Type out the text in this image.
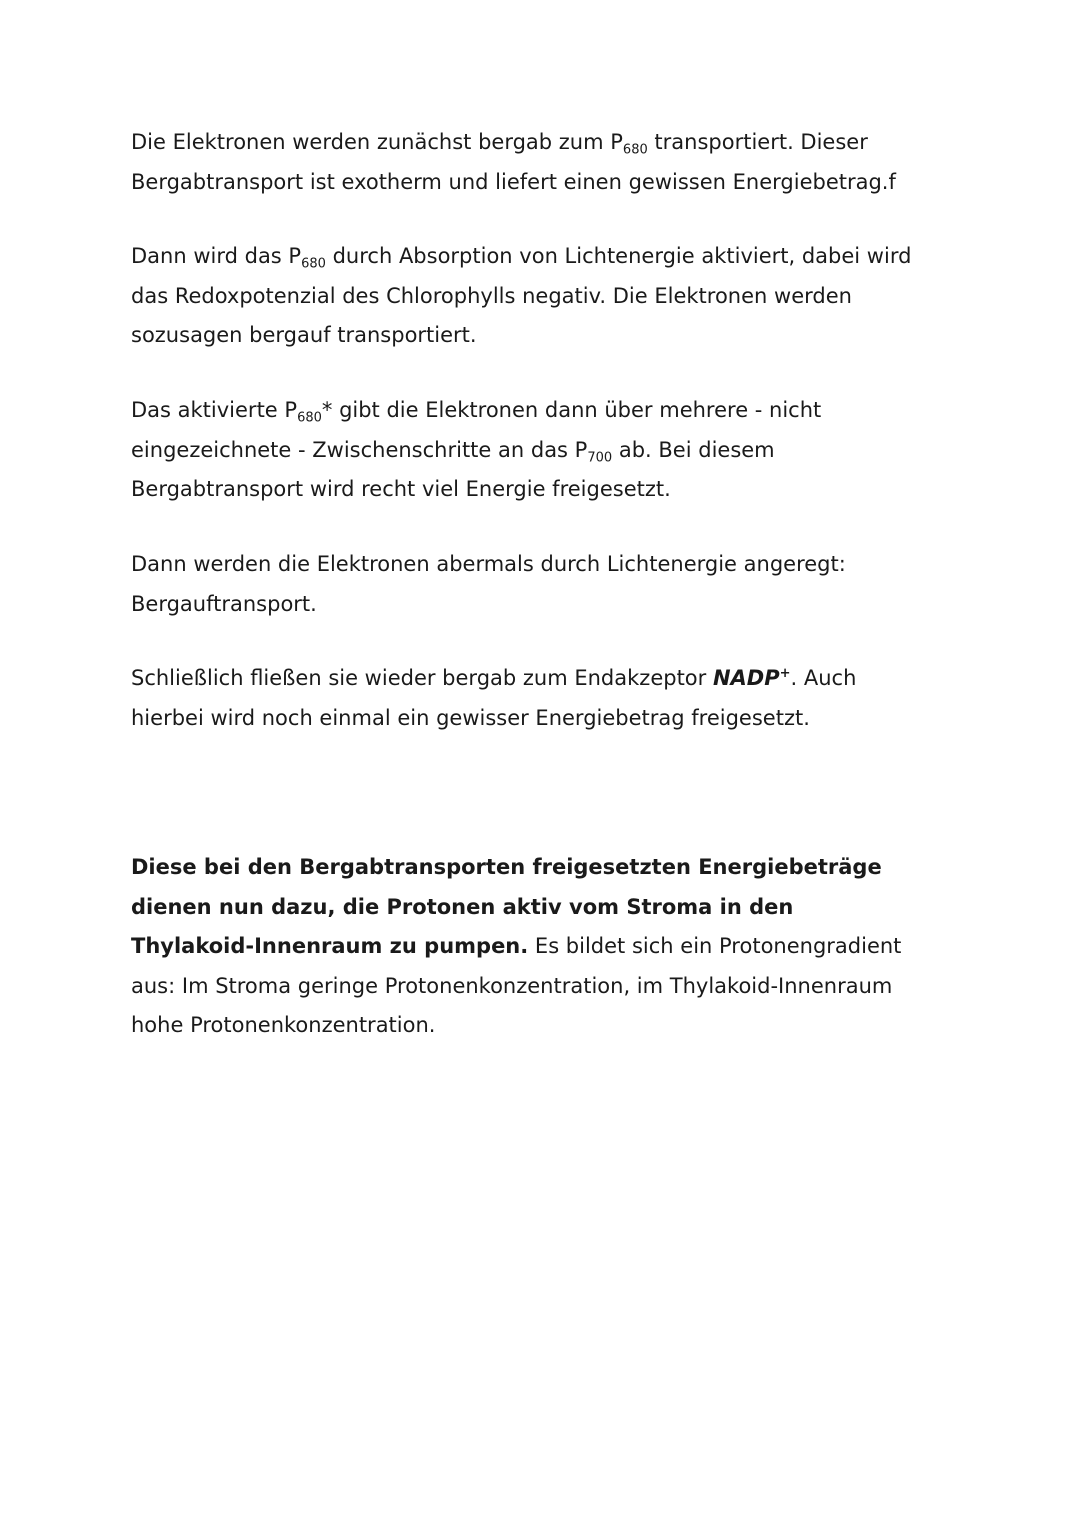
Die Elektronen werden zunächst bergab zum $P_{680}$ transportiert. Dieser
Bergabtransport ist exotherm und liefert einen gewissen Energiebetrag.f

Dann wird das $P_{680}$ durch Absorption von Lichtenergie aktiviert, dabei wird
das Redoxpotenzial des Chlorophylls negativ. Die Elektronen werden
sozusagen bergauf transportiert.

Das aktivierte $P_{680}*$ gibt die Elektronen dann über mehrere - nicht
eingezeichnete - Zwischenschritte an das $P_{700}$ ab. Bei diesem
Bergabtransport wird recht viel Energie freigesetzt.

Dann werden die Elektronen abermals durch Lichtenergie angeregt:
Bergauftransport.

Schließlich fließen sie wieder bergab zum Endakzeptor NADP+. Auch
hierbei wird noch einmal ein gewisser Energiebetrag freigesetzt.

Diese bei den Bergabtransporten freigesetzten Energiebeträge
dienen nun dazu, die Protonen aktiv vom Stroma in den
Thylakoid-Innenraum zu pumpen. Es bildet sich ein Protonengradient
aus: Im Stroma geringe Protonenkonzentration, im Thylakoid-Innenraum
hohe Protonenkonzentration.
